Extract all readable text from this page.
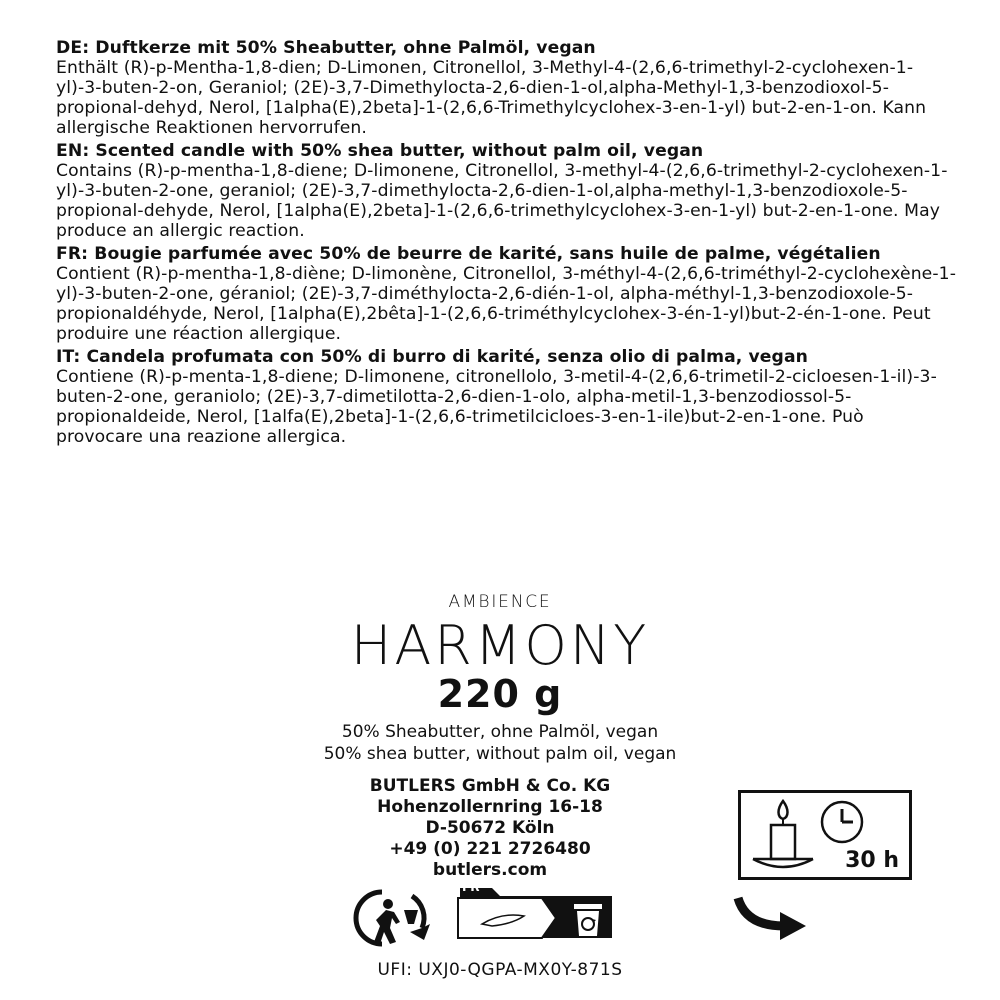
DE: Duftkerze mit 50% Sheabutter, ohne Palmöl, vegan
Enthält (R)-p-Mentha-1,8-dien; D-Limonen, Citronellol, 3-Methyl-4-(2,6,6-trimethyl-2-cyclohexen-1-yl)-3-buten-2-on, Geraniol; (2E)-3,7-Dimethylocta-2,6-dien-1-ol,alpha-Methyl-1,3-benzodioxol-5-propional-dehyd, Nerol, [1alpha(E),2beta]-1-(2,6,6-Trimethylcyclohex-3-en-1-yl) but-2-en-1-on. Kann allergische Reaktionen hervorrufen.
EN: Scented candle with 50% shea butter, without palm oil, vegan
Contains (R)-p-mentha-1,8-diene; D-limonene, Citronellol, 3-methyl-4-(2,6,6-trimethyl-2-cyclohexen-1-yl)-3-buten-2-one, geraniol; (2E)-3,7-dimethylocta-2,6-dien-1-ol,alpha-methyl-1,3-benzodioxole-5-propional-dehyde, Nerol, [1alpha(E),2beta]-1-(2,6,6-trimethylcyclohex-3-en-1-yl) but-2-en-1-one. May produce an allergic reaction.
FR: Bougie parfumée avec 50% de beurre de karité, sans huile de palme, végétalien
Contient (R)-p-mentha-1,8-diène; D-limonène, Citronellol, 3-méthyl-4-(2,6,6-triméthyl-2-cyclohexène-1-yl)-3-buten-2-one, géraniol; (2E)-3,7-diméthylocta-2,6-dién-1-ol, alpha-méthyl-1,3-benzodioxole-5-propionaldéhyde, Nerol, [1alpha(E),2bêta]-1-(2,6,6-triméthylcyclohex-3-én-1-yl)but-2-én-1-one. Peut produire une réaction allergique.
IT: Candela profumata con 50% di burro di karité, senza olio di palma, vegan
Contiene (R)-p-menta-1,8-diene; D-limonene, citronellolo, 3-metil-4-(2,6,6-trimetil-2-cicloesen-1-il)-3-buten-2-one, geraniolo; (2E)-3,7-dimetilotta-2,6-dien-1-olo, alpha-metil-1,3-benzodiossol-5-propionaldeide, Nerol, [1alfa(E),2beta]-1-(2,6,6-trimetilcicloes-3-en-1-ile)but-2-en-1-one. Può provocare una reazione allergica.
AMBIENCE
HARMONY
220 g
50% Sheabutter, ohne Palmöl, vegan
50% shea butter, without palm oil, vegan
BUTLERS GmbH & Co. KG
Hohenzollernring 16-18
D-50672 Köln
+49 (0) 221 2726480
butlers.com	30 h
FR
UFI: UXJ0-QGPA-MX0Y-871S
